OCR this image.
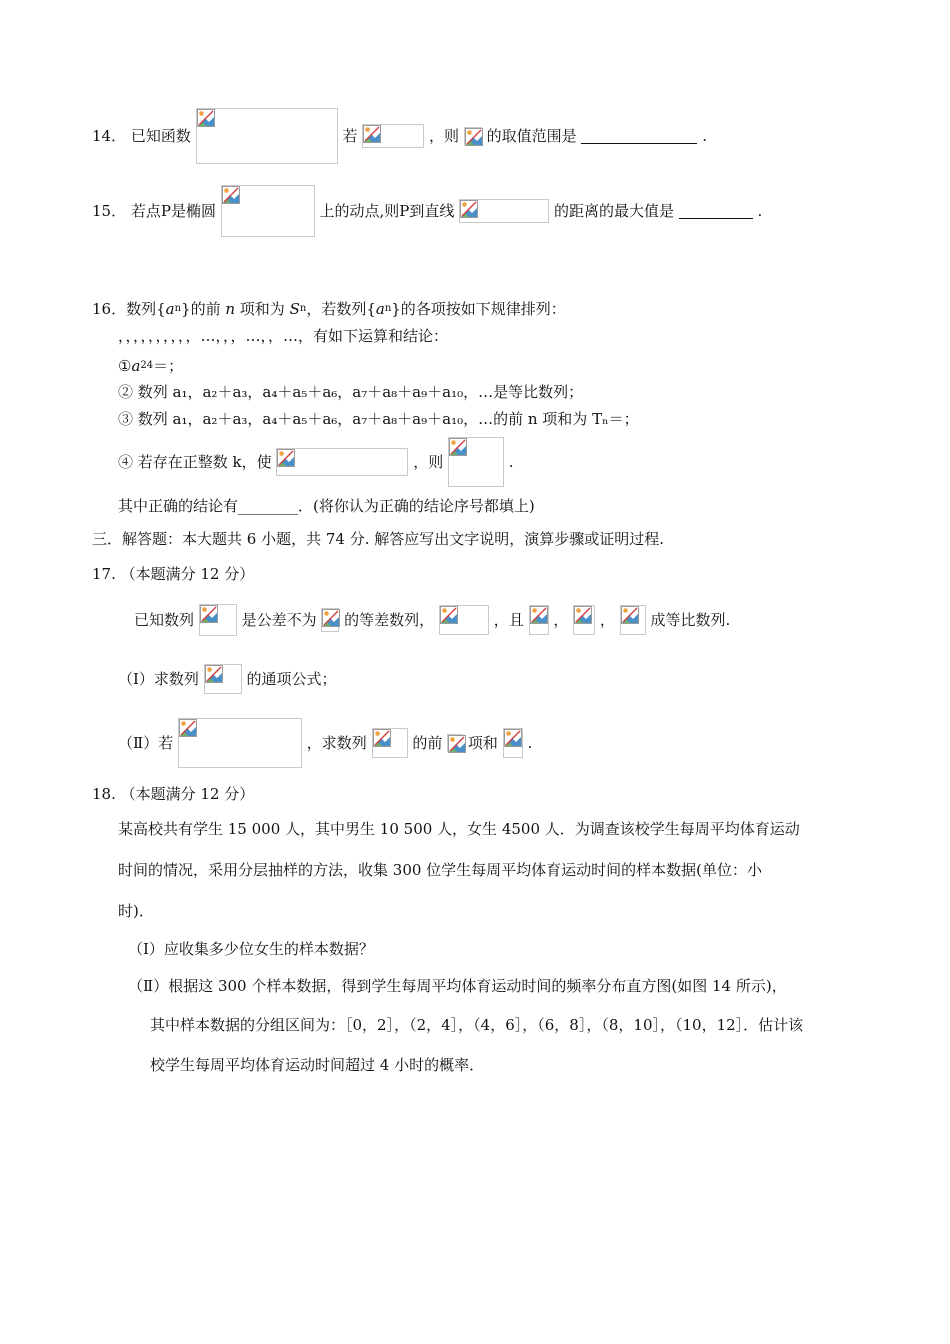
14． 已知函数	若	，则 的取值范围是	.
15． 若点P是椭圆	上的动点,则P到直线	的距离的最大值是	.
16．数列{an}的前 n 项和为 Sn，若数列{an}的各项按如下规律排列：
，，，，，，，，，，…，，，…，，…，有如下运算和结论：
①a24＝；
② 数列 a₁，a₂＋a₃，a₄＋a₅＋a₆，a₇＋a₈＋a₉＋a₁₀，…是等比数列；
③ 数列 a₁，a₂＋a₃，a₄＋a₅＋a₆，a₇＋a₈＋a₉＋a₁₀，…的前 n 项和为 Tₙ＝；
④ 若存在正整数 k，使	，则	.
其中正确的结论有________．(将你认为正确的结论序号都填上)
三．解答题：本大题共 6 小题，共 74 分. 解答应写出文字说明，演算步骤或证明过程.
17. （本题满分 12 分）
已知数列	是公差不为 的等差数列，	，且 ， ， 成等比数列.
（Ⅰ）求数列	的通项公式；
（Ⅱ）若	，求数列	的前 项和 .
18. （本题满分 12 分）
某高校共有学生 15 000 人，其中男生 10 500 人，女生 4500 人．为调查该校学生每周平均体育运动
时间的情况，采用分层抽样的方法，收集 300 位学生每周平均体育运动时间的样本数据(单位：小
时)．
（Ⅰ）应收集多少位女生的样本数据？
（Ⅱ）根据这 300 个样本数据，得到学生每周平均体育运动时间的频率分布直方图(如图 14 所示)，
其中样本数据的分组区间为：［0，2］，（2，4］，（4，6］，（6，8］，（8，10］，（10，12］．估计该
校学生每周平均体育运动时间超过 4 小时的概率．
